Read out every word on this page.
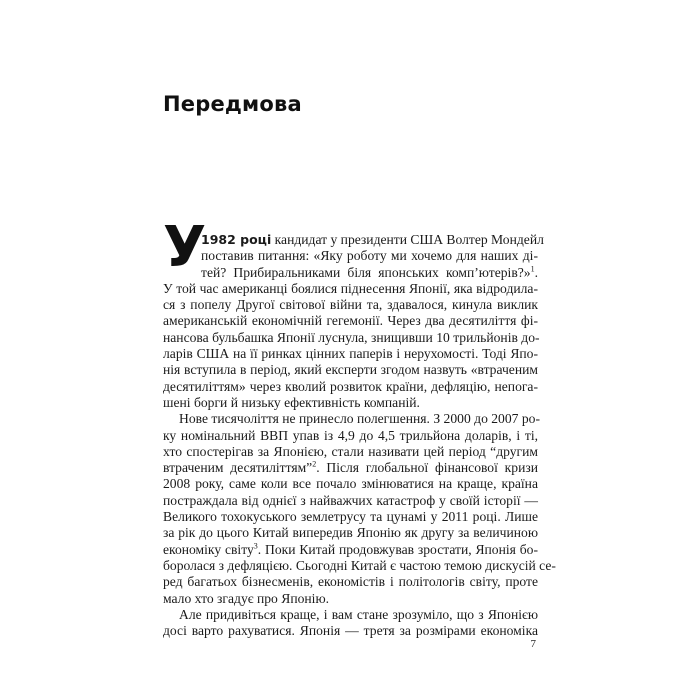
Передмова
У
1982 році кандидат у президенти США Волтер Мондейл
поставив питання: «Яку роботу ми хочемо для наших ді-
тей? Прибиральниками біля японських комп’ютерів?»$^1$.
У той час американці боялися піднесення Японії, яка відродила-
ся з попелу Другої світової війни та, здавалося, кинула виклик
американській економічній гегемонії. Через два десятиліття фі-
нансова бульбашка Японії луснула, знищивши 10 трильйонів до-
ларів США на її ринках цінних паперів і нерухомості. Тоді Япо-
нія вступила в період, який експерти згодом назвуть «втраченим
десятиліттям» через кволий розвиток країни, дефляцію, непога-
шені борги й низьку ефективність компаній.
Нове тисячоліття не принесло полегшення. З 2000 до 2007 ро-
ку номінальний ВВП упав із 4,9 до 4,5 трильйона доларів, і ті,
хто спостерігав за Японією, стали називати цей період “другим
втраченим десятиліттям”$^2$. Після глобальної фінансової кризи
2008 року, саме коли все почало змінюватися на краще, країна
постраждала від однієї з найважчих катастроф у своїй історії —
Великого тохокуського землетрусу та цунамі у 2011 році. Лише
за рік до цього Китай випередив Японію як другу за величиною
економіку світу$^3$. Поки Китай продовжував зростати, Японія бо-
боролася з дефляцією. Сьогодні Китай є частою темою дискусій се-
ред багатьох бізнесменів, економістів і політологів світу, проте
мало хто згадує про Японію.
Але придивіться краще, і вам стане зрозуміло, що з Японією
досі варто рахуватися. Японія — третя за розмірами економіка
7
